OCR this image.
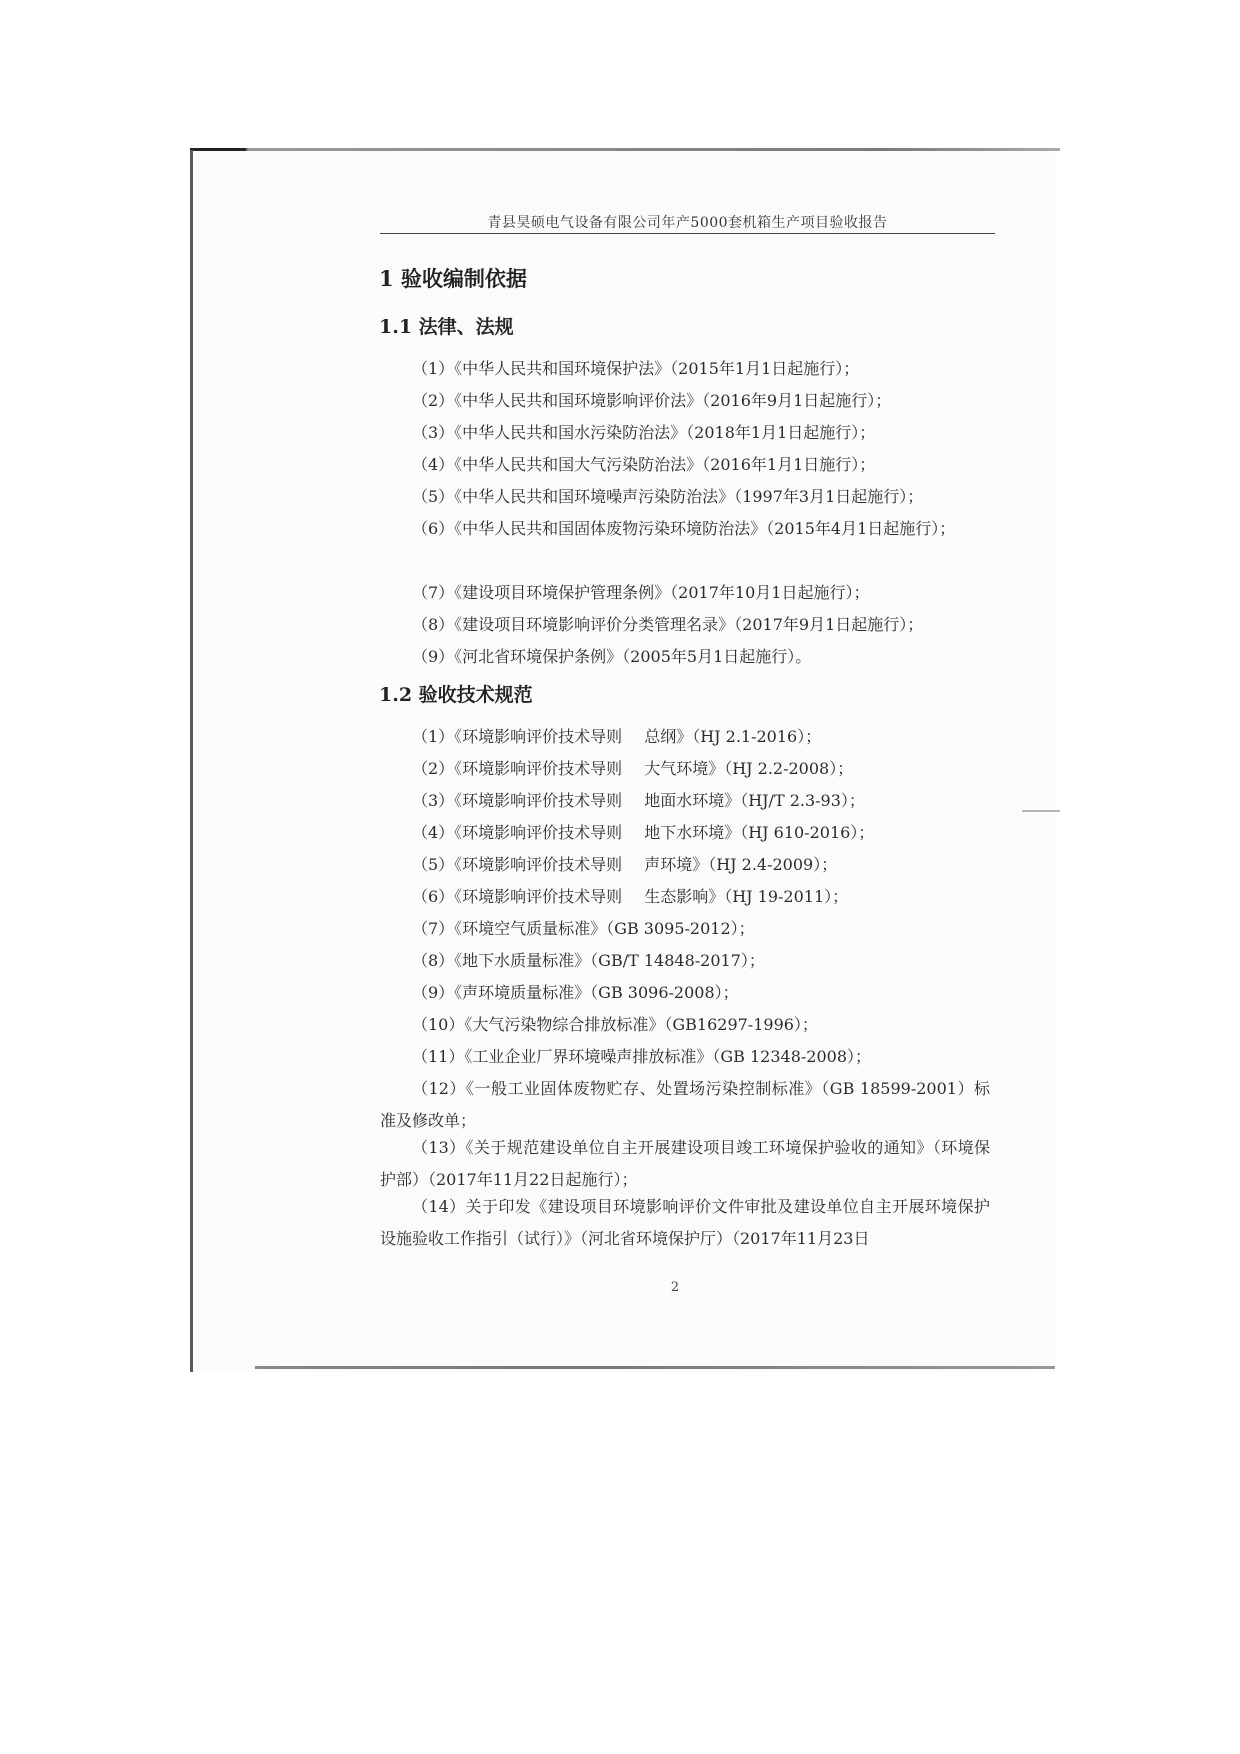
青县昊硕电气设备有限公司年产5000套机箱生产项目验收报告
1 验收编制依据
1.1 法律、法规
（1）《中华人民共和国环境保护法》（2015年1月1日起施行）；
（2）《中华人民共和国环境影响评价法》（2016年9月1日起施行）；
（3）《中华人民共和国水污染防治法》（2018年1月1日起施行）；
（4）《中华人民共和国大气污染防治法》（2016年1月1日施行）；
（5）《中华人民共和国环境噪声污染防治法》（1997年3月1日起施行）；
（6）《中华人民共和国固体废物污染环境防治法》（2015年4月1日起施行）；
（7）《建设项目环境保护管理条例》（2017年10月1日起施行）；
（8）《建设项目环境影响评价分类管理名录》（2017年9月1日起施行）；
（9）《河北省环境保护条例》（2005年5月1日起施行）。
1.2 验收技术规范
（1）《环境影响评价技术导则 总纲》（HJ 2.1-2016）；
（2）《环境影响评价技术导则 大气环境》（HJ 2.2-2008）；
（3）《环境影响评价技术导则 地面水环境》（HJ/T 2.3-93）；
（4）《环境影响评价技术导则 地下水环境》（HJ 610-2016）；
（5）《环境影响评价技术导则 声环境》（HJ 2.4-2009）；
（6）《环境影响评价技术导则 生态影响》（HJ 19-2011）；
（7）《环境空气质量标准》（GB 3095-2012）；
（8）《地下水质量标准》（GB/T 14848-2017）；
（9）《声环境质量标准》（GB 3096-2008）；
（10）《大气污染物综合排放标准》（GB16297-1996）；
（11）《工业企业厂界环境噪声排放标准》（GB 12348-2008）；
（12）《一般工业固体废物贮存、处置场污染控制标准》（GB 18599-2001）标准及修改单；
（13）《关于规范建设单位自主开展建设项目竣工环境保护验收的通知》（环境保护部）（2017年11月22日起施行）；
（14）关于印发《建设项目环境影响评价文件审批及建设单位自主开展环境保护设施验收工作指引（试行）》（河北省环境保护厅）（2017年11月23日
2
